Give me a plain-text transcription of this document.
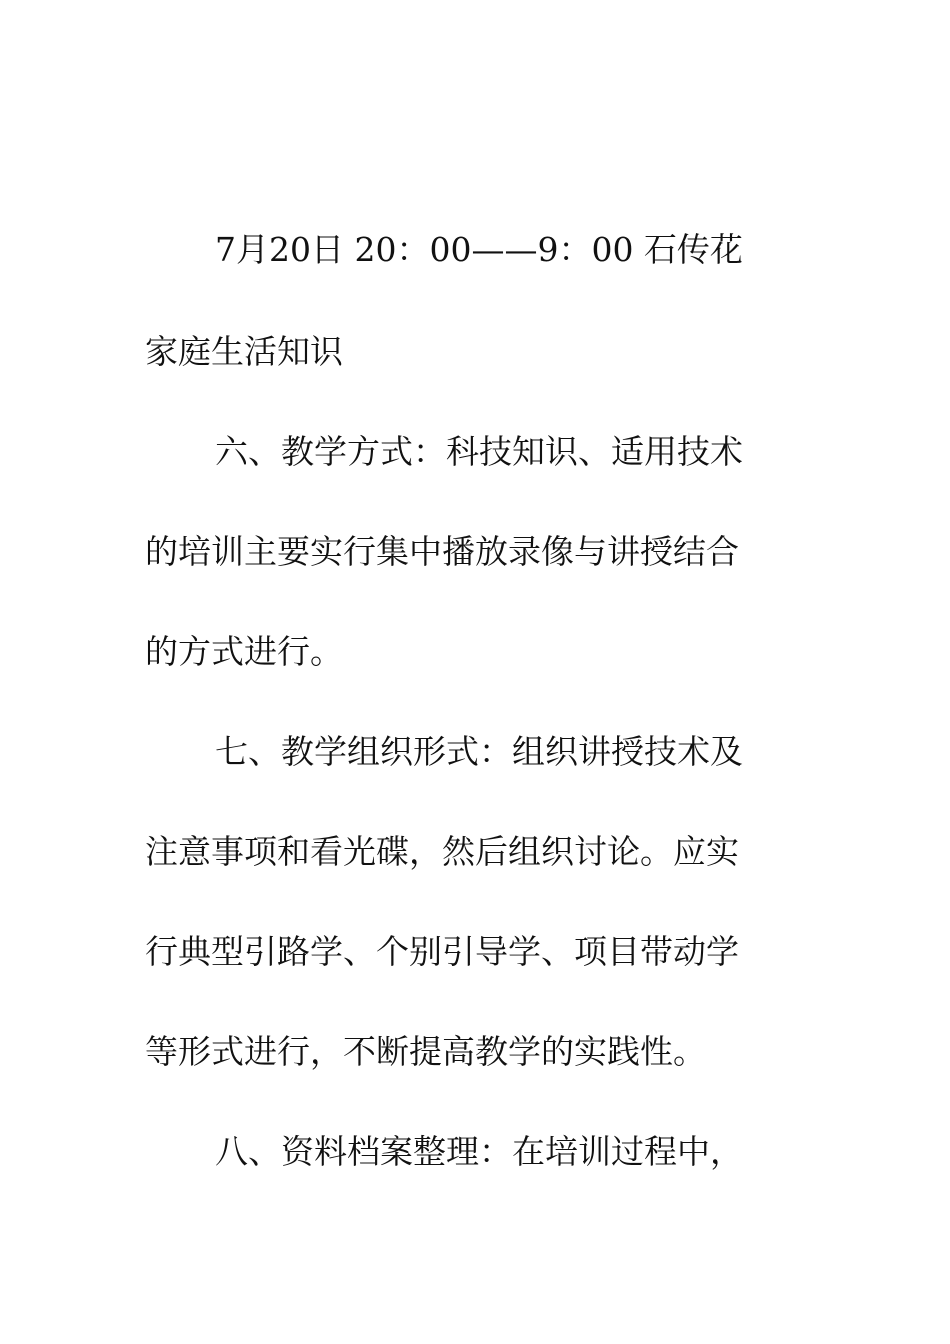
7月20日 20：00——9：00 石传花
家庭生活知识
六、教学方式：科技知识、适用技术
的培训主要实行集中播放录像与讲授结合
的方式进行。
七、教学组织形式：组织讲授技术及
注意事项和看光碟，然后组织讨论。应实
行典型引路学、个别引导学、项目带动学
等形式进行，不断提高教学的实践性。
八、资料档案整理：在培训过程中，
